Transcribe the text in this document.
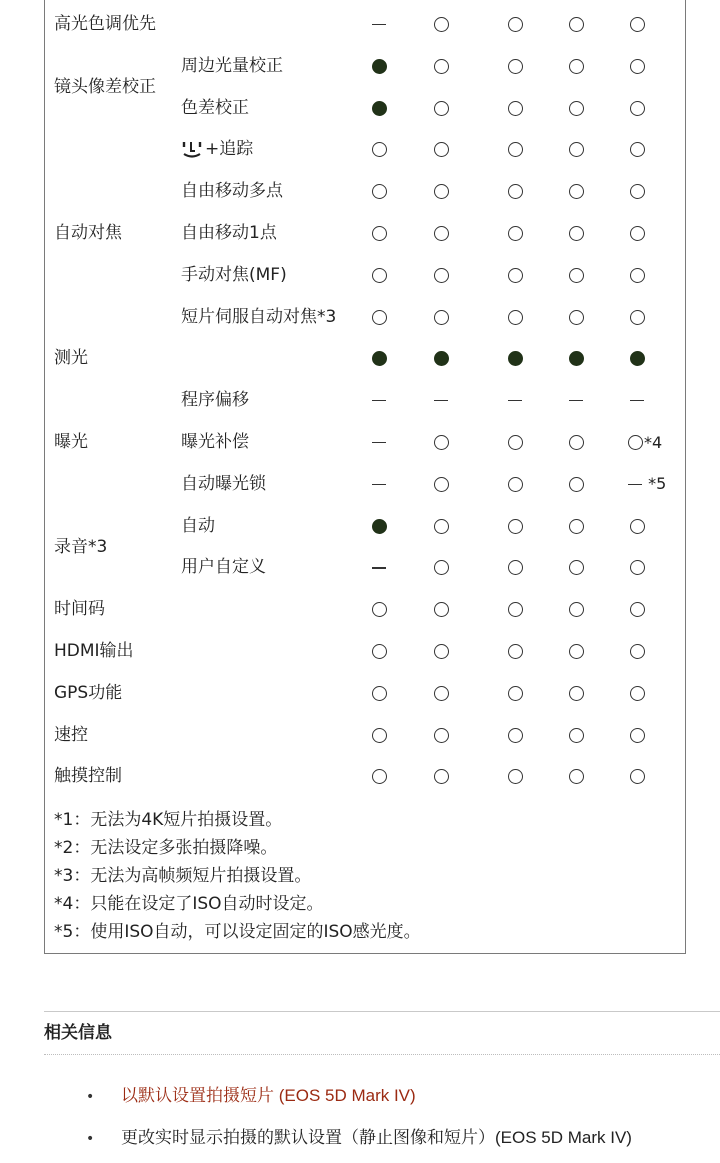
高光色调优先
周边光量校正
色差校正
+追踪
自由移动多点
自由移动1点
手动对焦(MF)
短片伺服自动对焦*3
测光
程序偏移
曝光补偿	*4
自动曝光锁	*5
自动
用户自定义
时间码
HDMI输出
GPS功能
速控
触摸控制
镜头像差校正
自动对焦
曝光
录音*3
*1：无法为4K短片拍摄设置。
*2：无法设定多张拍摄降噪。
*3：无法为高帧频短片拍摄设置。
*4：只能在设定了ISO自动时设定。
*5：使用ISO自动，可以设定固定的ISO感光度。
相关信息
• 以默认设置拍摄短片 (EOS 5D Mark IV)
• 更改实时显示拍摄的默认设置（静止图像和短片）(EOS 5D Mark IV)
